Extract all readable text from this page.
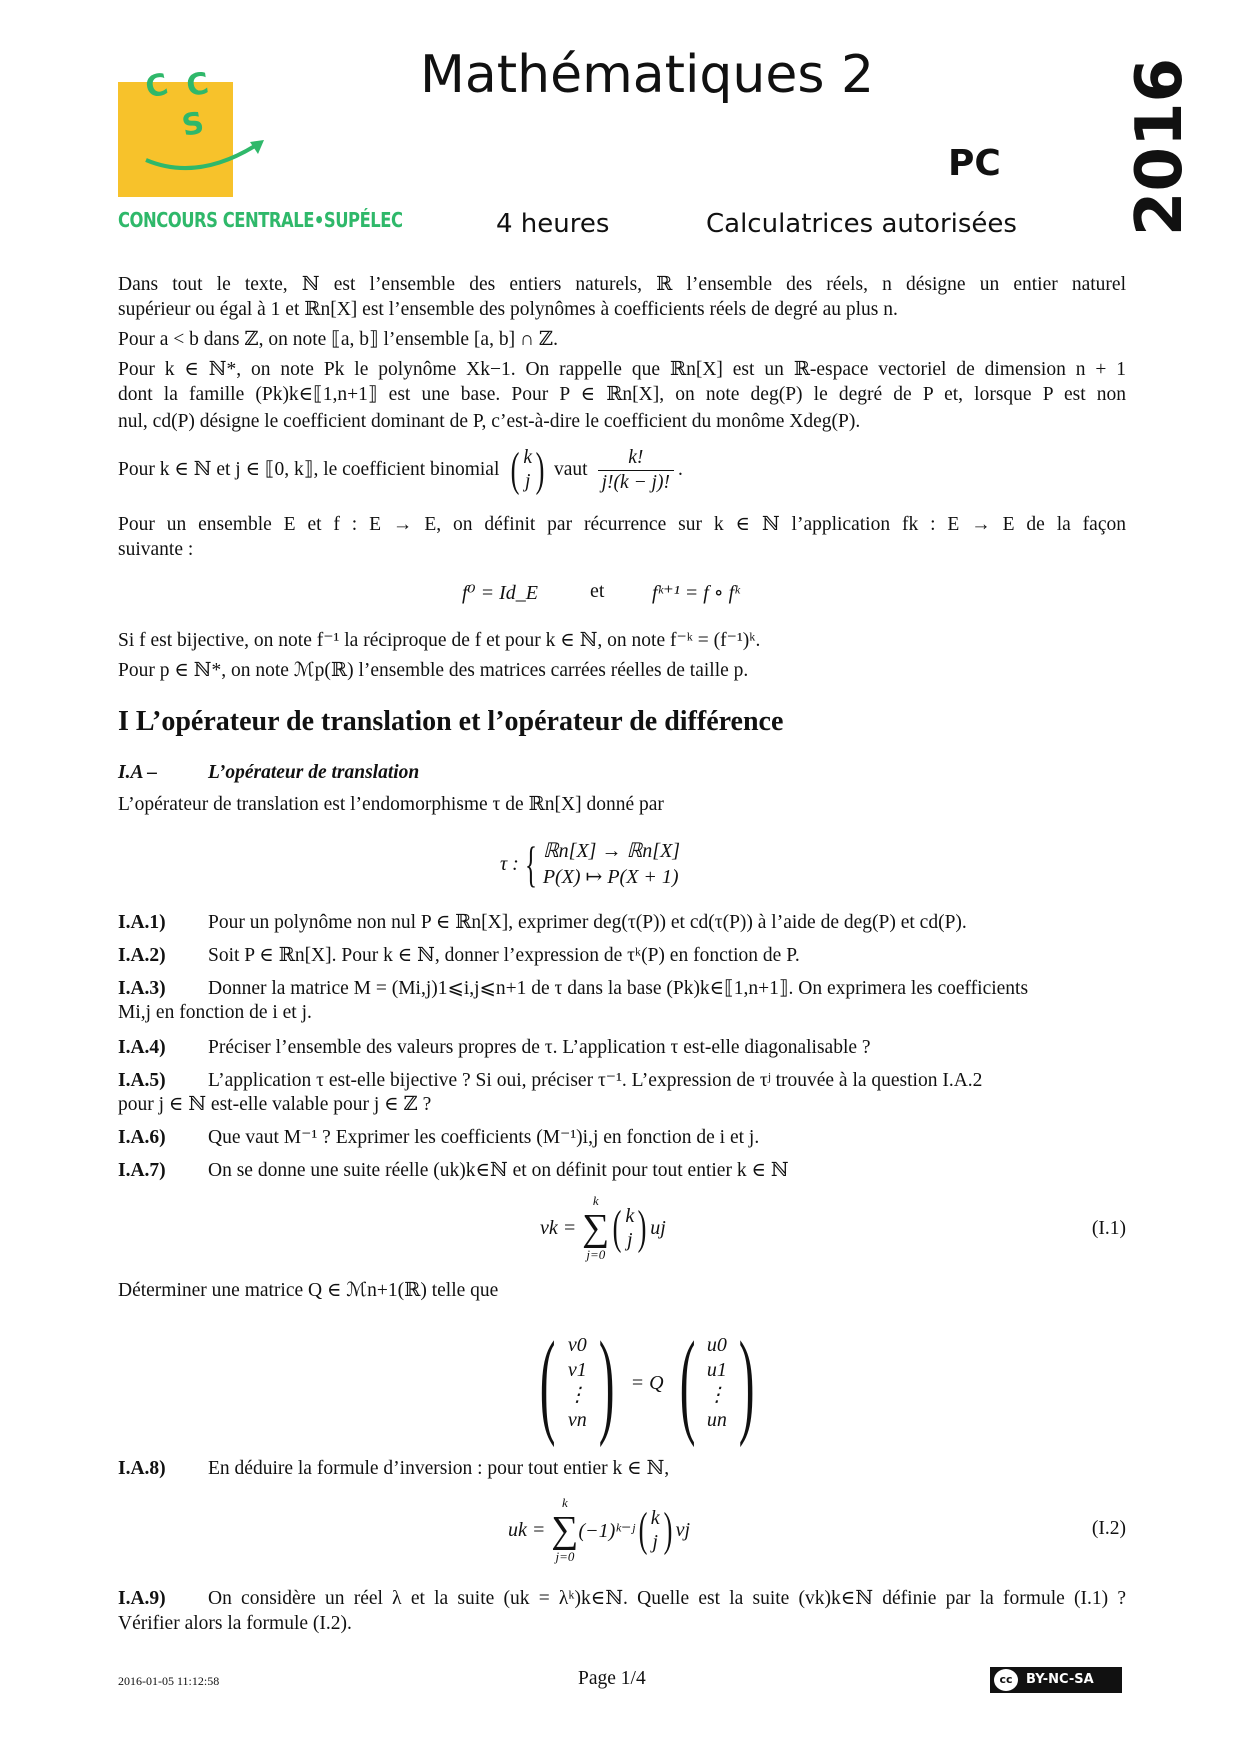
C C
S
CONCOURS CENTRALE•SUPÉLEC
Mathématiques 2
PC
4 heures	Calculatrices autorisées 2016
Dans tout le texte, ℕ est l’ensemble des entiers naturels, ℝ l’ensemble des réels, n désigne un entier naturel
supérieur ou égal à 1 et ℝn[X] est l’ensemble des polynômes à coefficients réels de degré au plus n.
Pour a < b dans ℤ, on note ⟦a, b⟧ l’ensemble [a, b] ∩ ℤ.
Pour k ∈ ℕ*, on note Pk le polynôme Xk−1. On rappelle que ℝn[X] est un ℝ-espace vectoriel de dimension n + 1
dont la famille (Pk)k∈⟦1,n+1⟧ est une base. Pour P ∈ ℝn[X], on note deg(P) le degré de P et, lorsque P est non
nul, cd(P) désigne le coefficient dominant de P, c’est-à-dire le coefficient du monôme Xdeg(P).
Pour k ∈ ℕ et j ∈ ⟦0, k⟧, le coefficient binomial ( k
j ) vaut $\frac{k!}{j!(k - j)!}$ .
Pour un ensemble E et f : E → E, on définit par récurrence sur k ∈ ℕ l’application fk : E → E de la façon
suivante :
f⁰ = Id_E	et fᵏ⁺¹ = f ∘ fᵏ
Si f est bijective, on note f⁻¹ la réciproque de f et pour k ∈ ℕ, on note f⁻ᵏ = (f⁻¹)ᵏ.
Pour p ∈ ℕ*, on note ℳp(ℝ) l’ensemble des matrices carrées réelles de taille p.
I L’opérateur de translation et l’opérateur de différence
I.A –	L’opérateur de translation
L’opérateur de translation est l’endomorphisme τ de ℝn[X] donné par
τ : { ℝn[X] → ℝn[X]
P(X) ↦ P(X + 1)
I.A.1) Pour un polynôme non nul P ∈ ℝn[X], exprimer deg(τ(P)) et cd(τ(P)) à l’aide de deg(P) et cd(P).
I.A.2) Soit P ∈ ℝn[X]. Pour k ∈ ℕ, donner l’expression de τᵏ(P) en fonction de P.
I.A.3) Donner la matrice M = (Mi,j)1⩽i,j⩽n+1 de τ dans la base (Pk)k∈⟦1,n+1⟧. On exprimera les coefficients
Mi,j en fonction de i et j.
I.A.4) Préciser l’ensemble des valeurs propres de τ. L’application τ est-elle diagonalisable ?
I.A.5) L’application τ est-elle bijective ? Si oui, préciser τ⁻¹. L’expression de τʲ trouvée à la question I.A.2
pour j ∈ ℕ est-elle valable pour j ∈ ℤ ?
I.A.6) Que vaut M⁻¹ ? Exprimer les coefficients (M⁻¹)i,j en fonction de i et j.
I.A.7) On se donne une suite réelle (uk)k∈ℕ et on définit pour tout entier k ∈ ℕ
vk =
k
∑
j=0
( k
j ) uj	(I.1)
Déterminer une matrice Q ∈ ℳn+1(ℝ) telle que
( v0
v1
⋮
vn ) = Q ( u0
u1
⋮
un )
I.A.8) En déduire la formule d’inversion : pour tout entier k ∈ ℕ,
uk =
k
∑
j=0
(−1)ᵏ⁻ʲ ( k
j ) vj	(I.2)
I.A.9) On considère un réel λ et la suite (uk = λᵏ)k∈ℕ. Quelle est la suite (vk)k∈ℕ définie par la formule (I.1) ?
Vérifier alors la formule (I.2).
2016-01-05 11:12:58	Page 1/4	cc	BY-NC-SA
